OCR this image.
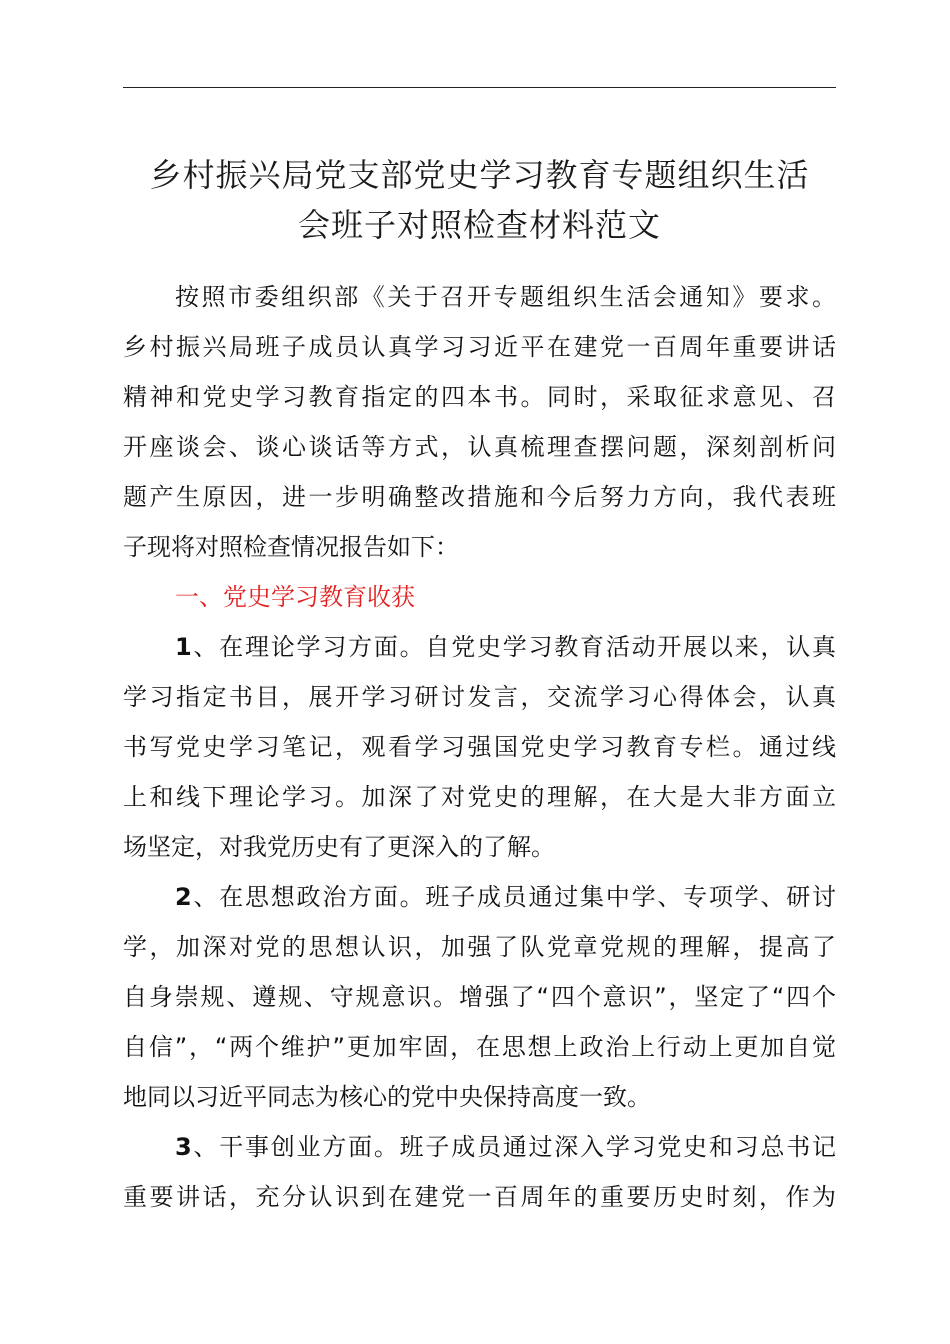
乡村振兴局党支部党史学习教育专题组织生活
会班子对照检查材料范文
按照市委组织部《关于召开专题组织生活会通知》要求。
乡村振兴局班子成员认真学习习近平在建党一百周年重要讲话
精神和党史学习教育指定的四本书。同时，采取征求意见、召
开座谈会、谈心谈话等方式，认真梳理查摆问题，深刻剖析问
题产生原因，进一步明确整改措施和今后努力方向，我代表班
子现将对照检查情况报告如下：
一、党史学习教育收获
1、在理论学习方面。自党史学习教育活动开展以来，认真
学习指定书目，展开学习研讨发言，交流学习心得体会，认真
书写党史学习笔记，观看学习强国党史学习教育专栏。通过线
上和线下理论学习。加深了对党史的理解，在大是大非方面立
场坚定，对我党历史有了更深入的了解。
2、在思想政治方面。班子成员通过集中学、专项学、研讨
学，加深对党的思想认识，加强了队党章党规的理解，提高了
自身崇规、遵规、守规意识。增强了“四个意识”，坚定了“四个
自信”，“两个维护”更加牢固，在思想上政治上行动上更加自觉
地同以习近平同志为核心的党中央保持高度一致。
3、干事创业方面。班子成员通过深入学习党史和习总书记
重要讲话，充分认识到在建党一百周年的重要历史时刻，作为
